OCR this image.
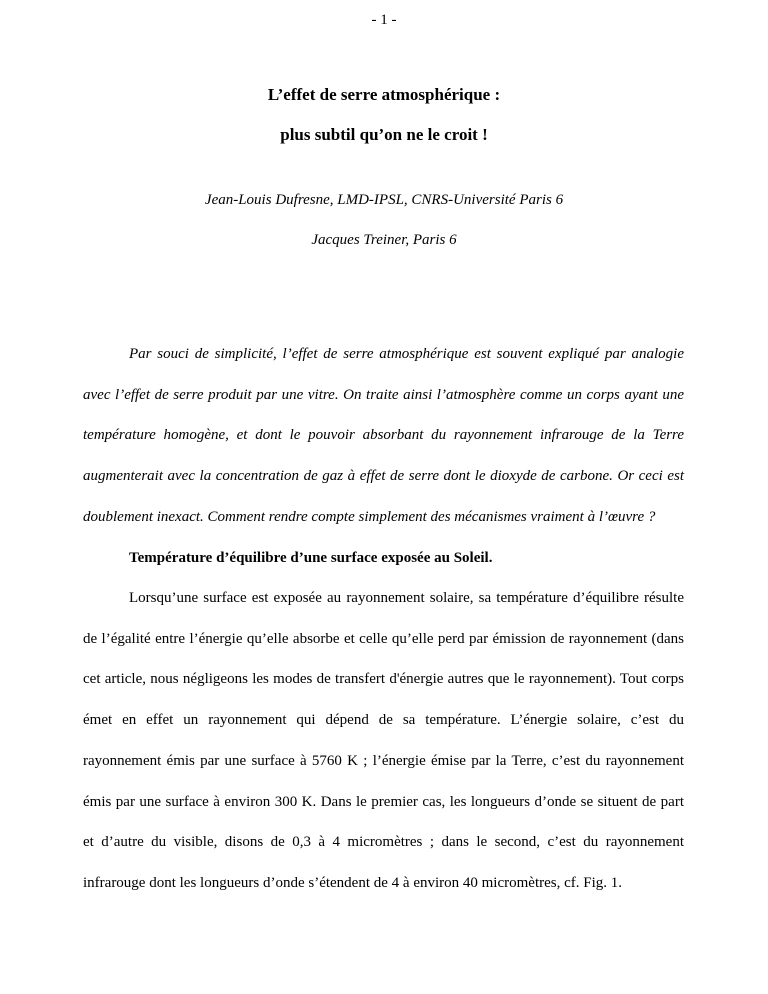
- 1 -
L’effet de serre atmosphérique :
plus subtil qu’on ne le croit !
Jean-Louis Dufresne, LMD-IPSL, CNRS-Université Paris 6
Jacques Treiner, Paris 6

Par souci de simplicité, l’effet de serre atmosphérique est souvent expliqué par analogie avec l’effet de serre produit par une vitre. On traite ainsi l’atmosphère comme un corps ayant une température homogène, et dont le pouvoir absorbant du rayonnement infrarouge de la Terre augmenterait avec la concentration de gaz à effet de serre dont le dioxyde de carbone. Or ceci est doublement inexact. Comment rendre compte simplement des mécanismes vraiment à l’œuvre ?

Température d’équilibre d’une surface exposée au Soleil.

Lorsqu’une surface est exposée au rayonnement solaire, sa température d’équilibre résulte de l’égalité entre l’énergie qu’elle absorbe et celle qu’elle perd par émission de rayonnement (dans cet article, nous négligeons les modes de transfert d'énergie autres que le rayonnement). Tout corps émet en effet un rayonnement qui dépend de sa température. L’énergie solaire, c’est du rayonnement émis par une surface à 5760 K ; l’énergie émise par la Terre, c’est du rayonnement émis par une surface à environ 300 K. Dans le premier cas, les longueurs d’onde se situent de part et d’autre du visible, disons de 0,3 à 4 micromètres ; dans le second, c’est du rayonnement infrarouge dont les longueurs d’onde s’étendent de 4 à environ 40 micromètres, cf. Fig. 1.
